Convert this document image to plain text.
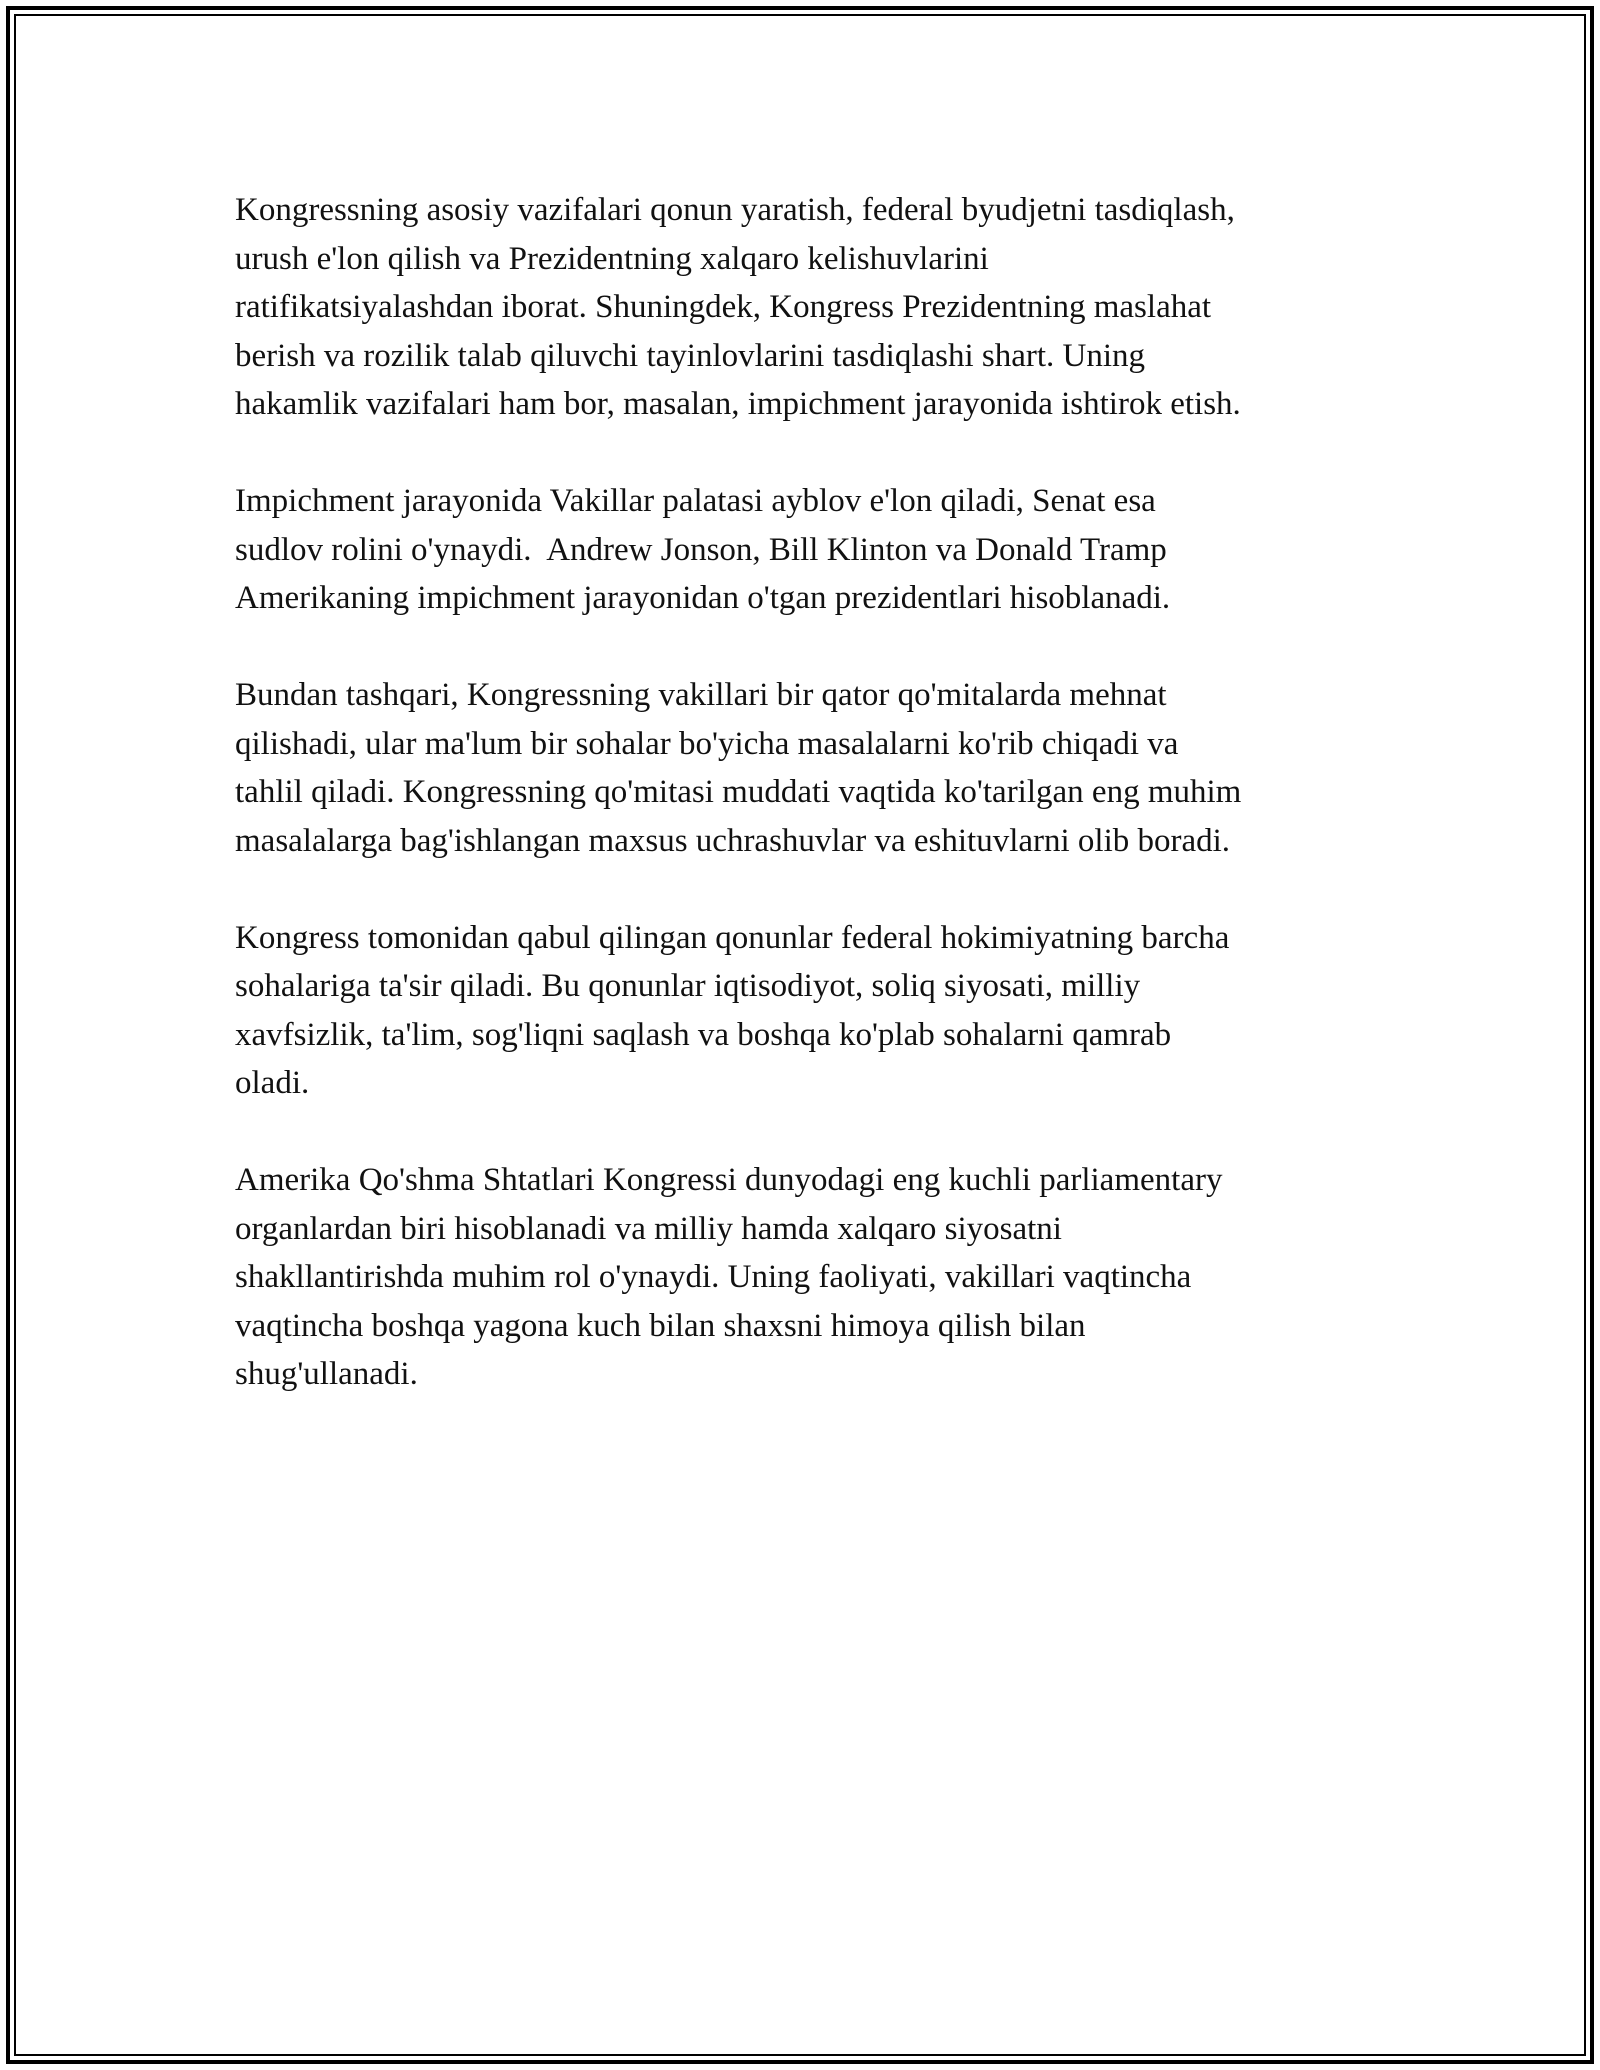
Kongressning asosiy vazifalari qonun yaratish, federal byudjetni tasdiqlash,
urush e'lon qilish va Prezidentning xalqaro kelishuvlarini
ratifikatsiyalashdan iborat. Shuningdek, Kongress Prezidentning maslahat
berish va rozilik talab qiluvchi tayinlovlarini tasdiqlashi shart. Uning
hakamlik vazifalari ham bor, masalan, impichment jarayonida ishtirok etish.

Impichment jarayonida Vakillar palatasi ayblov e'lon qiladi, Senat esa
sudlov rolini o'ynaydi.  Andrew Jonson, Bill Klinton va Donald Tramp
Amerikaning impichment jarayonidan o'tgan prezidentlari hisoblanadi.

Bundan tashqari, Kongressning vakillari bir qator qo'mitalarda mehnat
qilishadi, ular ma'lum bir sohalar bo'yicha masalalarni ko'rib chiqadi va
tahlil qiladi. Kongressning qo'mitasi muddati vaqtida ko'tarilgan eng muhim
masalalarga bag'ishlangan maxsus uchrashuvlar va eshituvlarni olib boradi.

Kongress tomonidan qabul qilingan qonunlar federal hokimiyatning barcha
sohalariga ta'sir qiladi. Bu qonunlar iqtisodiyot, soliq siyosati, milliy
xavfsizlik, ta'lim, sog'liqni saqlash va boshqa ko'plab sohalarni qamrab
oladi.

Amerika Qo'shma Shtatlari Kongressi dunyodagi eng kuchli parliamentary
organlardan biri hisoblanadi va milliy hamda xalqaro siyosatni
shakllantirishda muhim rol o'ynaydi. Uning faoliyati, vakillari vaqtincha
vaqtincha boshqa yagona kuch bilan shaxsni himoya qilish bilan
shug'ullanadi.
